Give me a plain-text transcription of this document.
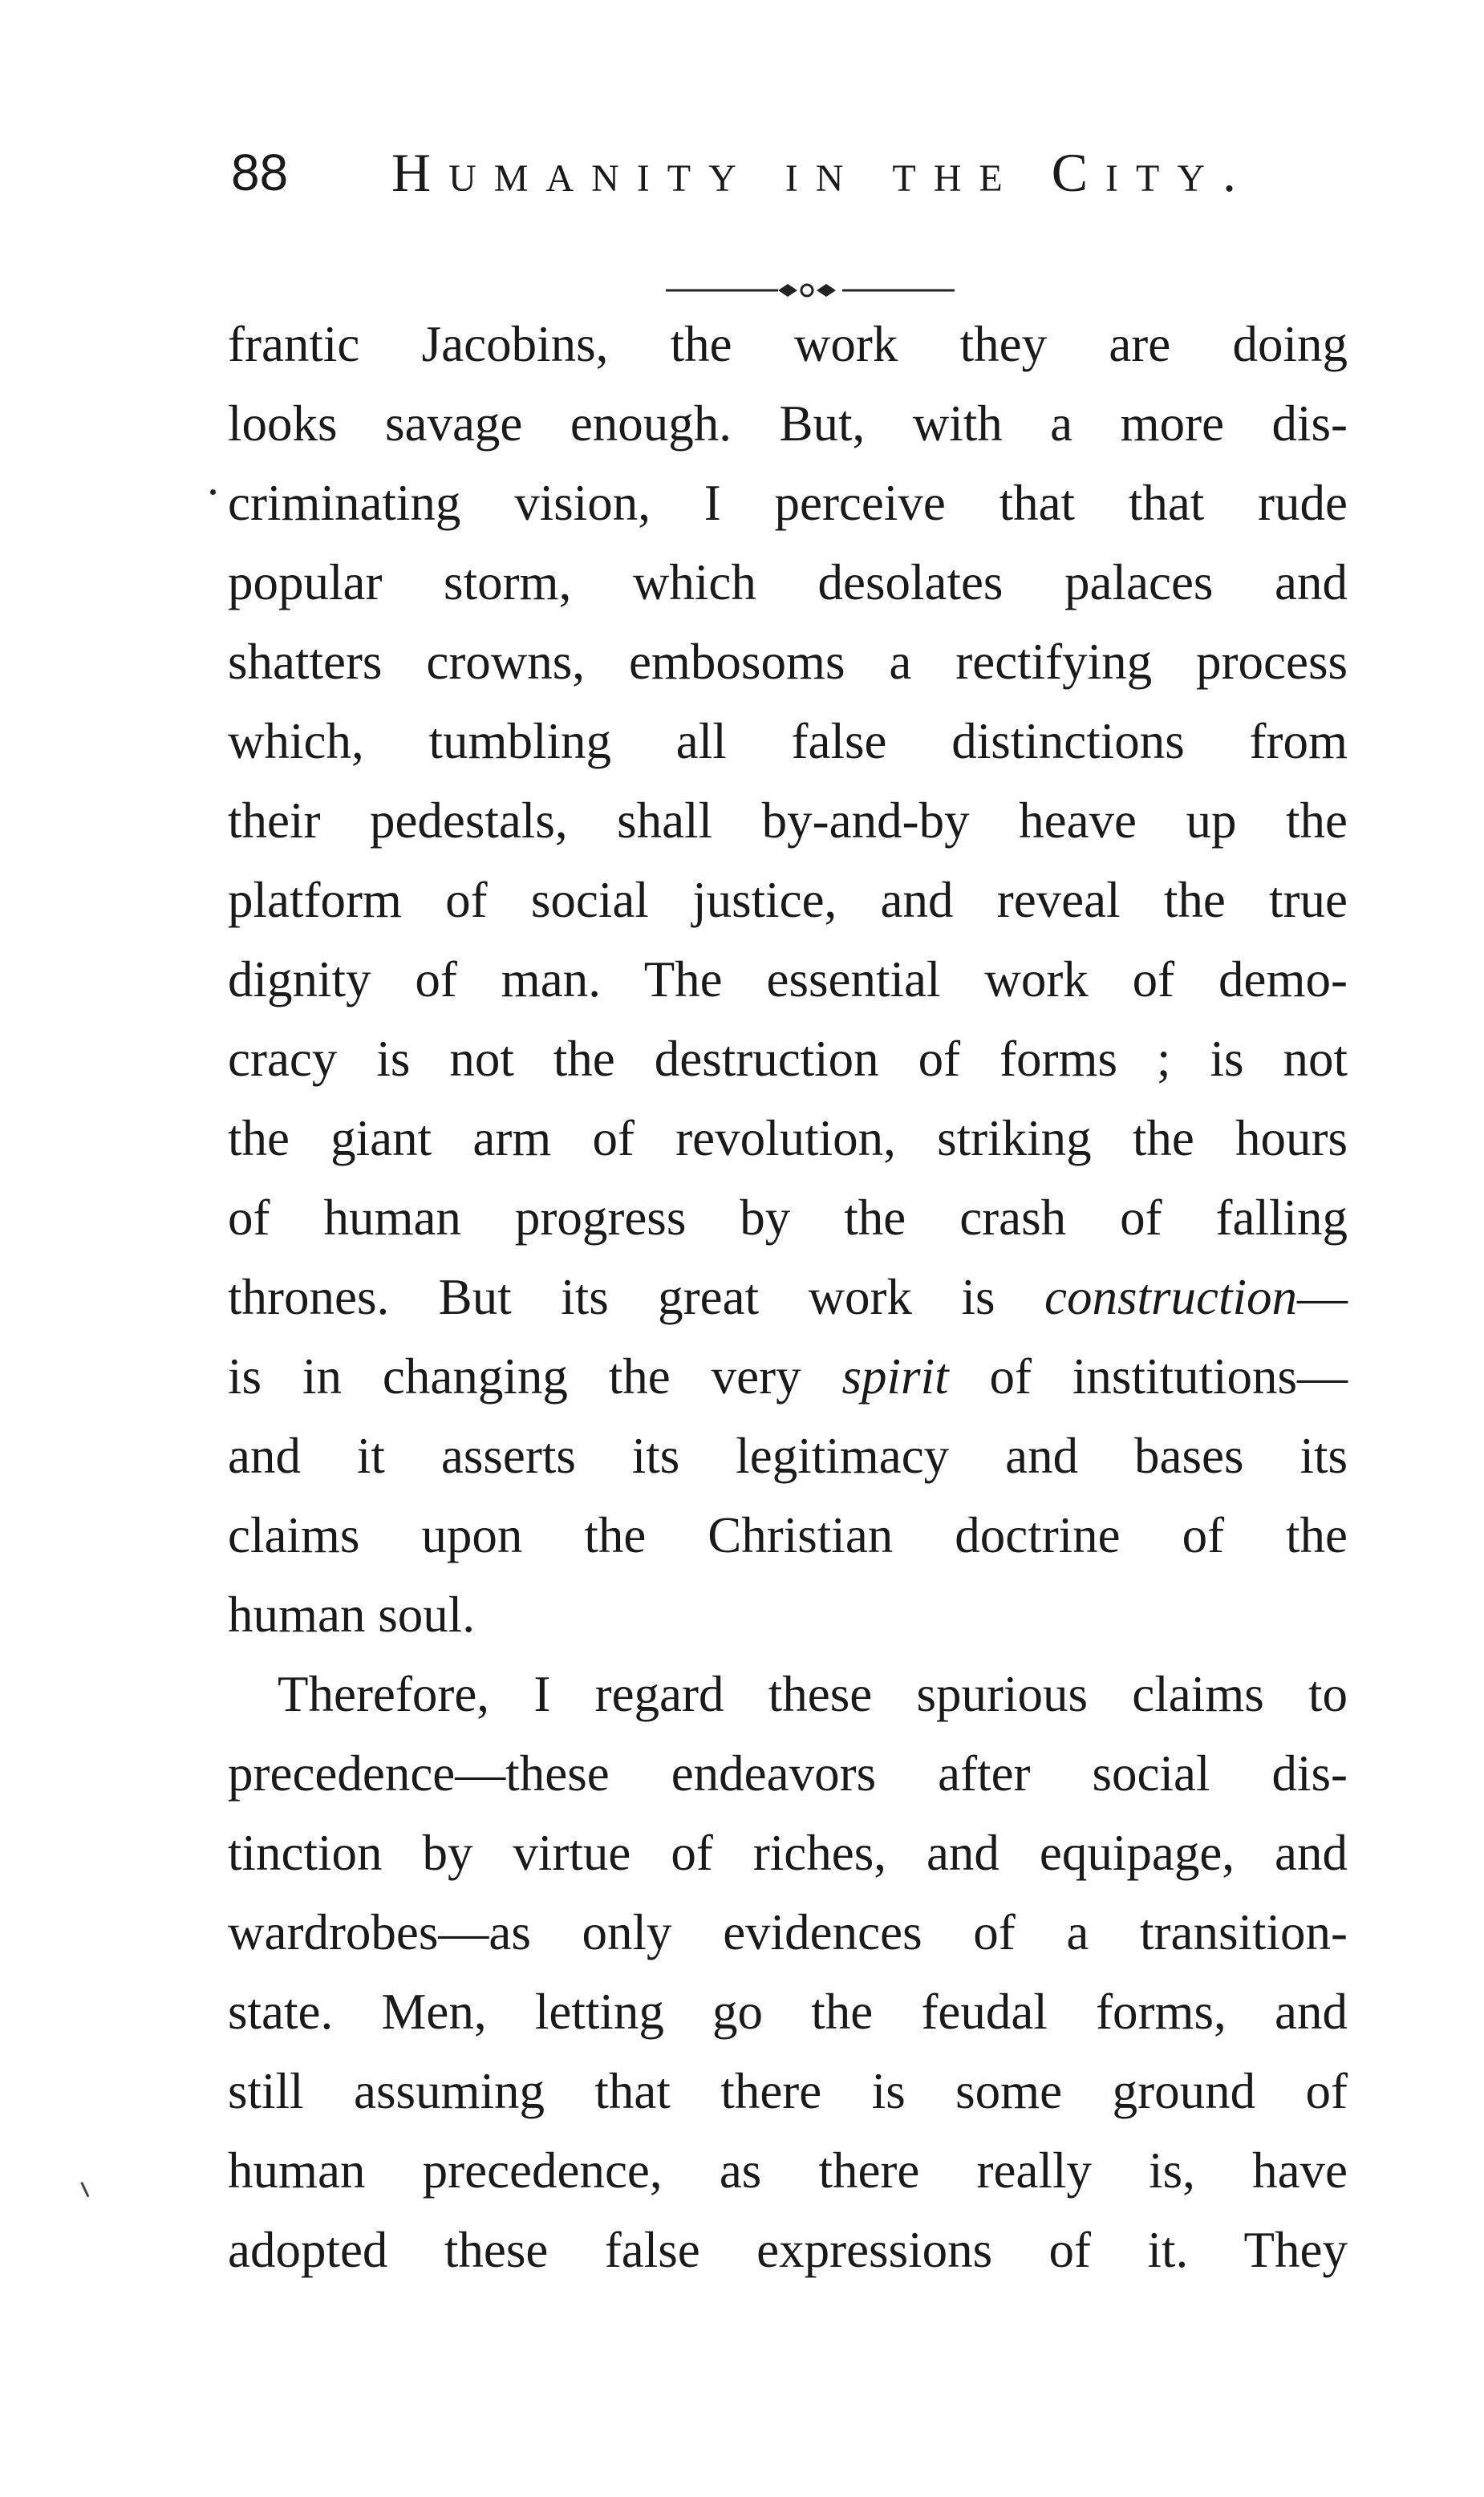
88 Humanity in the City.
frantic Jacobins, the work they are doing
looks savage enough. But, with a more dis-
criminating vision, I perceive that that rude
popular storm, which desolates palaces and
shatters crowns, embosoms a rectifying process
which, tumbling all false distinctions from
their pedestals, shall by-and-by heave up the
platform of social justice, and reveal the true
dignity of man. The essential work of demo-
cracy is not the destruction of forms ; is not
the giant arm of revolution, striking the hours
of human progress by the crash of falling
thrones. But its great work is construction—
is in changing the very spirit of institutions—
and it asserts its legitimacy and bases its
claims upon the Christian doctrine of the
human soul.
Therefore, I regard these spurious claims to
precedence—these endeavors after social dis-
tinction by virtue of riches, and equipage, and
wardrobes—as only evidences of a transition-
state. Men, letting go the feudal forms, and
still assuming that there is some ground of
human precedence, as there really is, have
adopted these false expressions of it. They
